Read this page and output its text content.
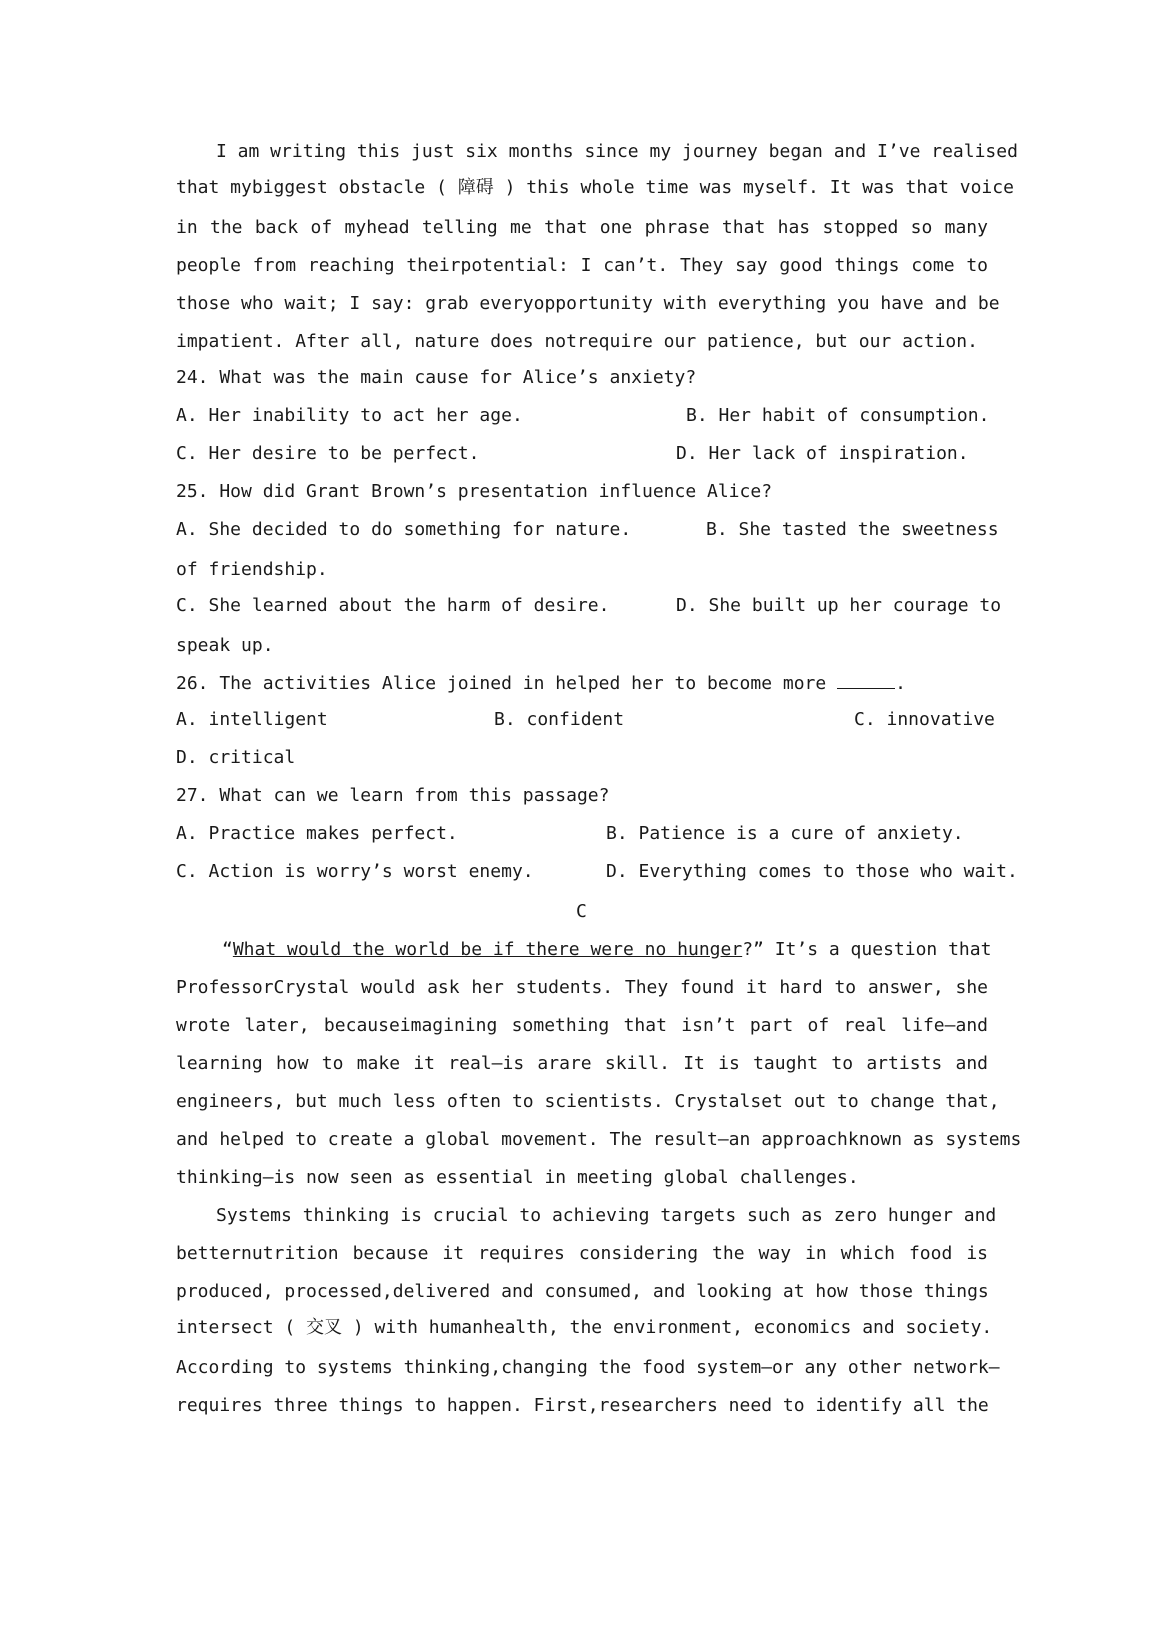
I am writing this just six months since my journey began and I’ve realised
that mybiggest obstacle ( 障碍 ) this whole time was myself. It was that voice
in the back of myhead telling me that one phrase that has stopped so many
people from reaching theirpotential: I can’t. They say good things come to
those who wait; I say: grab everyopportunity with everything you have and be
impatient. After all, nature does notrequire our patience, but our action.
24. What was the main cause for Alice’s anxiety?
A. Her inability to act her age.	B. Her habit of consumption.
C. Her desire to be perfect.	D. Her lack of inspiration.
25. How did Grant Brown’s presentation influence Alice?
A. She decided to do something for nature.	B. She tasted the sweetness
of friendship.
C. She learned about the harm of desire.	D. She built up her courage to
speak up.
26. The activities Alice joined in helped her to become more	.
A. intelligent	B. confident	C. innovative
D. critical
27. What can we learn from this passage?
A. Practice makes perfect.	B. Patience is a cure of anxiety.
C. Action is worry’s worst enemy.	D. Everything comes to those who wait.
C
“What would the world be if there were no hunger ?” It’s a question that
ProfessorCrystal would ask her students. They found it hard to answer, she
wrote later, becauseimagining something that isn’t part of real life—and
learning how to make it real—is arare skill. It is taught to artists and
engineers, but much less often to scientists. Crystalset out to change that,
and helped to create a global movement. The result—an approachknown as systems
thinking—is now seen as essential in meeting global challenges.
Systems thinking is crucial to achieving targets such as zero hunger and
betternutrition because it requires considering the way in which food is
produced, processed,delivered and consumed, and looking at how those things
intersect ( 交叉 ) with humanhealth, the environment, economics and society.
According to systems thinking,changing the food system—or any other network—
requires three things to happen. First,researchers need to identify all the
